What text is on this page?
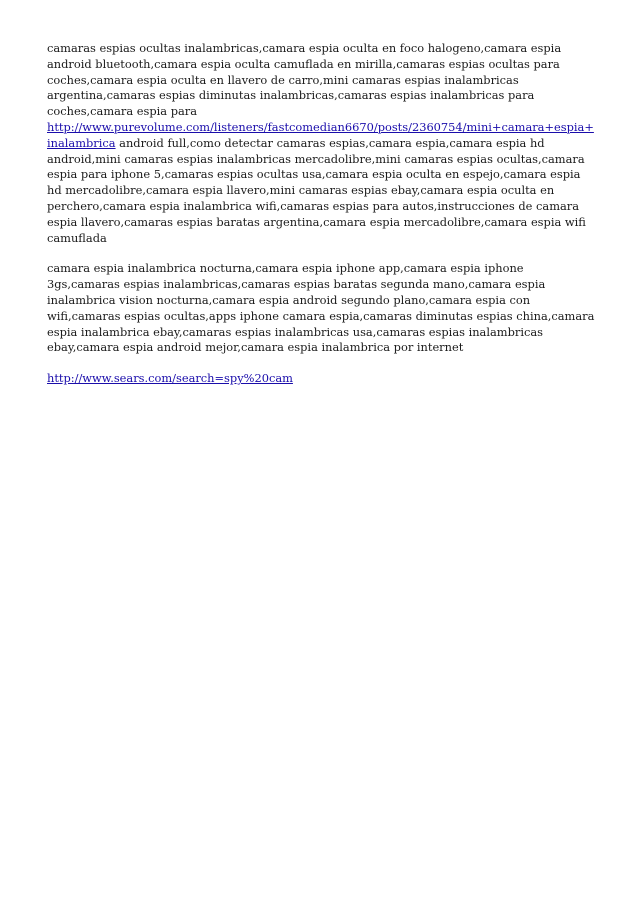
camaras espias ocultas inalambricas,camara espia oculta en foco halogeno,camara espia android bluetooth,camara espia oculta camuflada en mirilla,camaras espias ocultas para coches,camara espia oculta en llavero de carro,mini camaras espias inalambricas argentina,camaras espias diminutas inalambricas,camaras espias inalambricas para coches,camara espia para http://www.purevolume.com/listeners/fastcomedian6670/posts/2360754/mini+camara+espia+inalambrica android full,como detectar camaras espias,camara espia,camara espia hd android,mini camaras espias inalambricas mercadolibre,mini camaras espias ocultas,camara espia para iphone 5,camaras espias ocultas usa,camara espia oculta en espejo,camara espia hd mercadolibre,camara espia llavero,mini camaras espias ebay,camara espia oculta en perchero,camara espia inalambrica wifi,camaras espias para autos,instrucciones de camara espia llavero,camaras espias baratas argentina,camara espia mercadolibre,camara espia wifi camuflada

camara espia inalambrica nocturna,camara espia iphone app,camara espia iphone 3gs,camaras espias inalambricas,camaras espias baratas segunda mano,camara espia inalambrica vision nocturna,camara espia android segundo plano,camara espia con wifi,camaras espias ocultas,apps iphone camara espia,camaras diminutas espias china,camara espia inalambrica ebay,camaras espias inalambricas usa,camaras espias inalambricas ebay,camara espia android mejor,camara espia inalambrica por internet

http://www.sears.com/search=spy%20cam
